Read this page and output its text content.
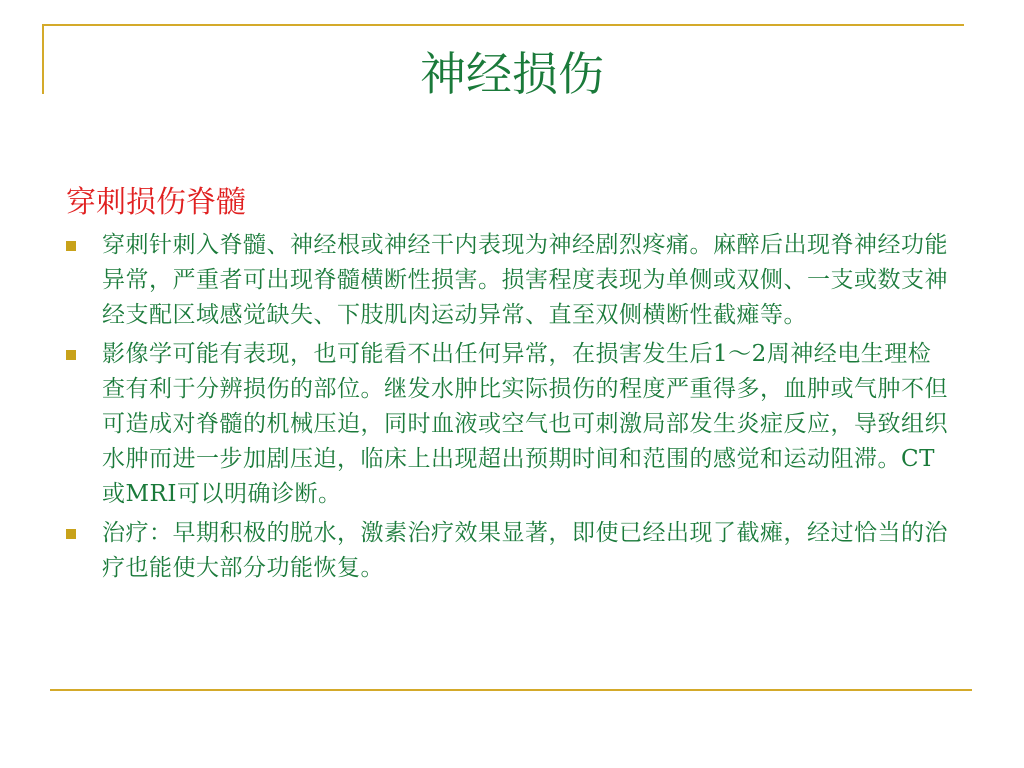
神经损伤
穿刺损伤脊髓
穿刺针刺入脊髓、神经根或神经干内表现为神经剧烈疼痛。麻醉后出现脊神经功能异常，严重者可出现脊髓横断性损害。损害程度表现为单侧或双侧、一支或数支神经支配区域感觉缺失、下肢肌肉运动异常、直至双侧横断性截瘫等。
影像学可能有表现，也可能看不出任何异常，在损害发生后1～2周神经电生理检查有利于分辨损伤的部位。继发水肿比实际损伤的程度严重得多，血肿或气肿不但可造成对脊髓的机械压迫，同时血液或空气也可刺激局部发生炎症反应，导致组织水肿而进一步加剧压迫，临床上出现超出预期时间和范围的感觉和运动阻滞。CT或MRI可以明确诊断。
治疗：早期积极的脱水，激素治疗效果显著，即使已经出现了截瘫，经过恰当的治疗也能使大部分功能恢复。
